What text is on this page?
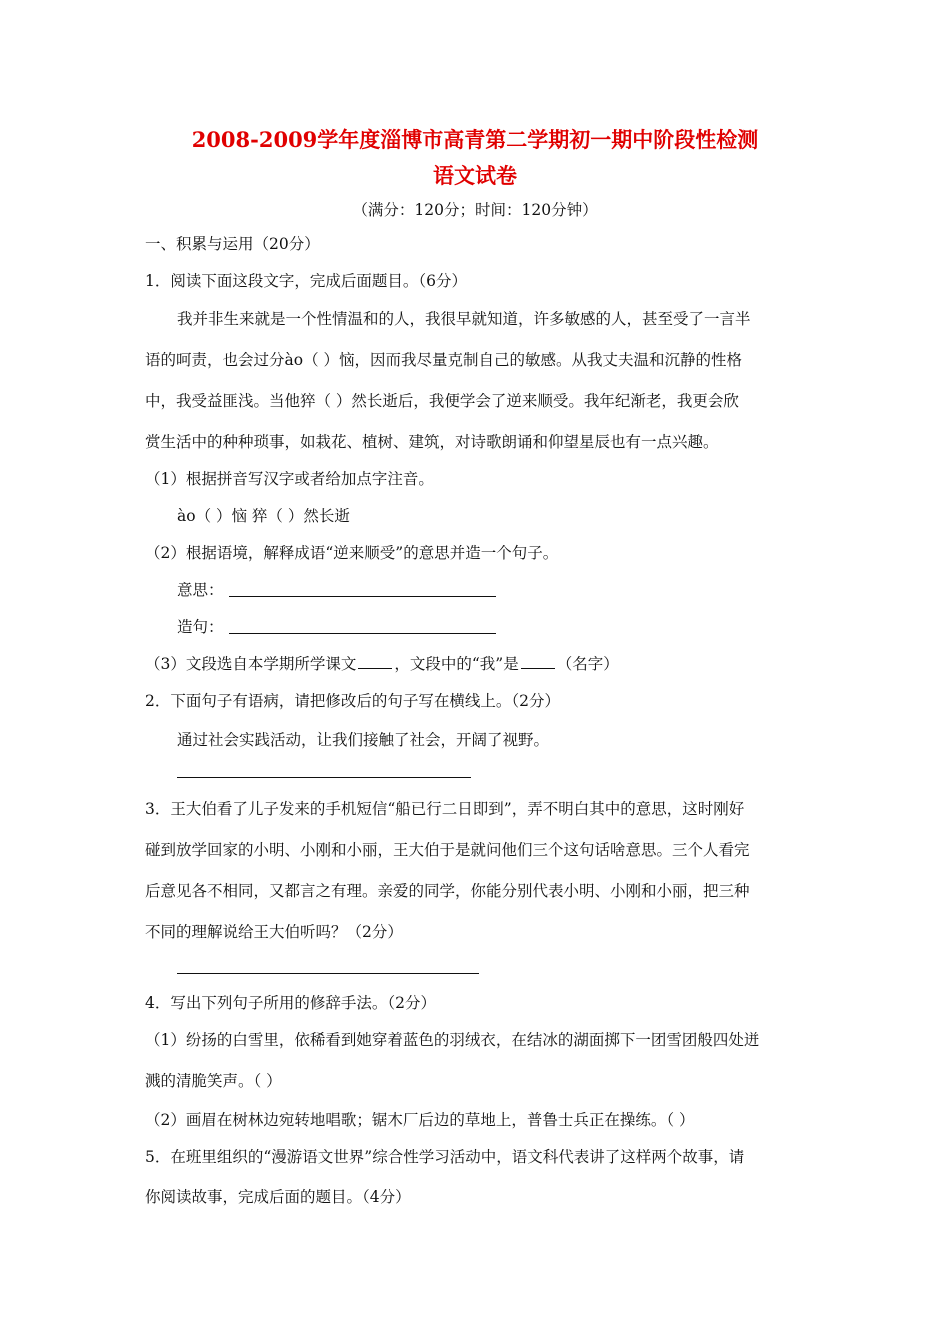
2008-2009学年度淄博市高青第二学期初一期中阶段性检测
语文试卷
（满分：120分；时间：120分钟）
一、积累与运用（20分）
1．阅读下面这段文字，完成后面题目。（6分）
我并非生来就是一个性情温和的人，我很早就知道，许多敏感的人，甚至受了一言半
语的呵责，也会过分ào（ ）恼，因而我尽量克制自己的敏感。从我丈夫温和沉静的性格
中，我受益匪浅。当他猝（ ）然长逝后，我便学会了逆来顺受。我年纪渐老，我更会欣
赏生活中的种种琐事，如栽花、植树、建筑，对诗歌朗诵和仰望星辰也有一点兴趣。
（1）根据拼音写汉字或者给加点字注音。
ào（ ）恼 猝（ ）然长逝
（2）根据语境，解释成语“逆来顺受”的意思并造一个句子。
意思：
造句：
（3）文段选自本学期所学课文 ，文段中的“我”是 （名字）
2．下面句子有语病，请把修改后的句子写在横线上。（2分）
通过社会实践活动，让我们接触了社会，开阔了视野。
3．王大伯看了儿子发来的手机短信“船已行二日即到”，弄不明白其中的意思，这时刚好
碰到放学回家的小明、小刚和小丽，王大伯于是就问他们三个这句话啥意思。三个人看完
后意见各不相同，又都言之有理。亲爱的同学，你能分别代表小明、小刚和小丽，把三种
不同的理解说给王大伯听吗？（2分）
4．写出下列句子所用的修辞手法。（2分）
（1）纷扬的白雪里，依稀看到她穿着蓝色的羽绒衣，在结冰的湖面掷下一团雪团般四处迸
溅的清脆笑声。（ ）
（2）画眉在树林边宛转地唱歌；锯木厂后边的草地上，普鲁士兵正在操练。（ ）
5．在班里组织的“漫游语文世界”综合性学习活动中，语文科代表讲了这样两个故事，请
你阅读故事，完成后面的题目。（4分）
